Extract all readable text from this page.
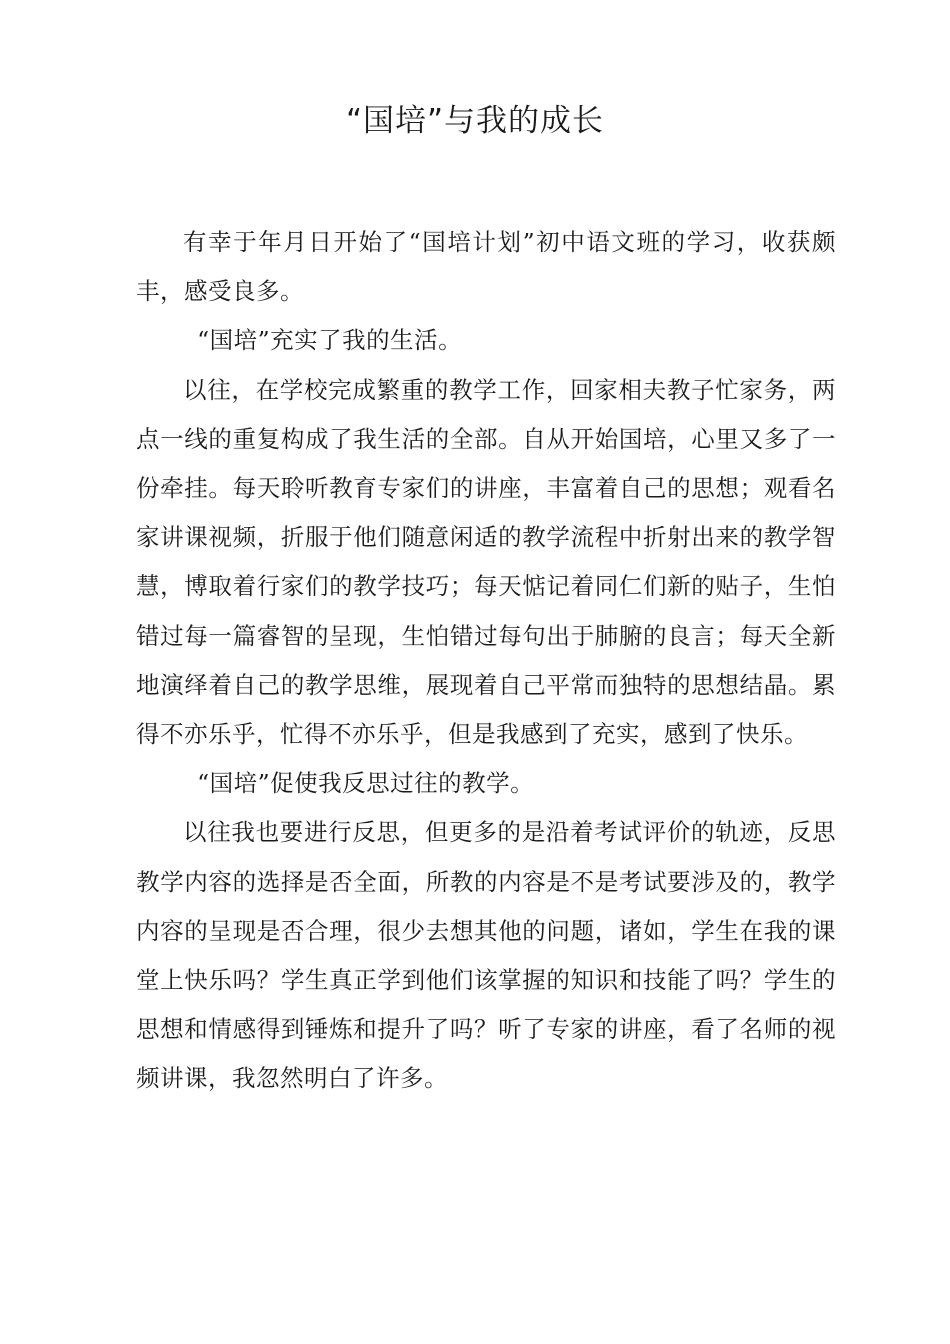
“国培”与我的成长

有幸于年月日开始了“国培计划”初中语文班的学习，收获颇丰，感受良多。

“国培”充实了我的生活。

以往，在学校完成繁重的教学工作，回家相夫教子忙家务，两点一线的重复构成了我生活的全部。自从开始国培，心里又多了一份牵挂。每天聆听教育专家们的讲座，丰富着自己的思想；观看名家讲课视频，折服于他们随意闲适的教学流程中折射出来的教学智慧，博取着行家们的教学技巧；每天惦记着同仁们新的贴子，生怕错过每一篇睿智的呈现，生怕错过每句出于肺腑的良言；每天全新地演绎着自己的教学思维，展现着自己平常而独特的思想结晶。累得不亦乐乎，忙得不亦乐乎，但是我感到了充实，感到了快乐。

“国培”促使我反思过往的教学。

以往我也要进行反思，但更多的是沿着考试评价的轨迹，反思教学内容的选择是否全面，所教的内容是不是考试要涉及的，教学内容的呈现是否合理，很少去想其他的问题，诸如，学生在我的课堂上快乐吗？学生真正学到他们该掌握的知识和技能了吗？学生的思想和情感得到锤炼和提升了吗？听了专家的讲座，看了名师的视频讲课，我忽然明白了许多。
